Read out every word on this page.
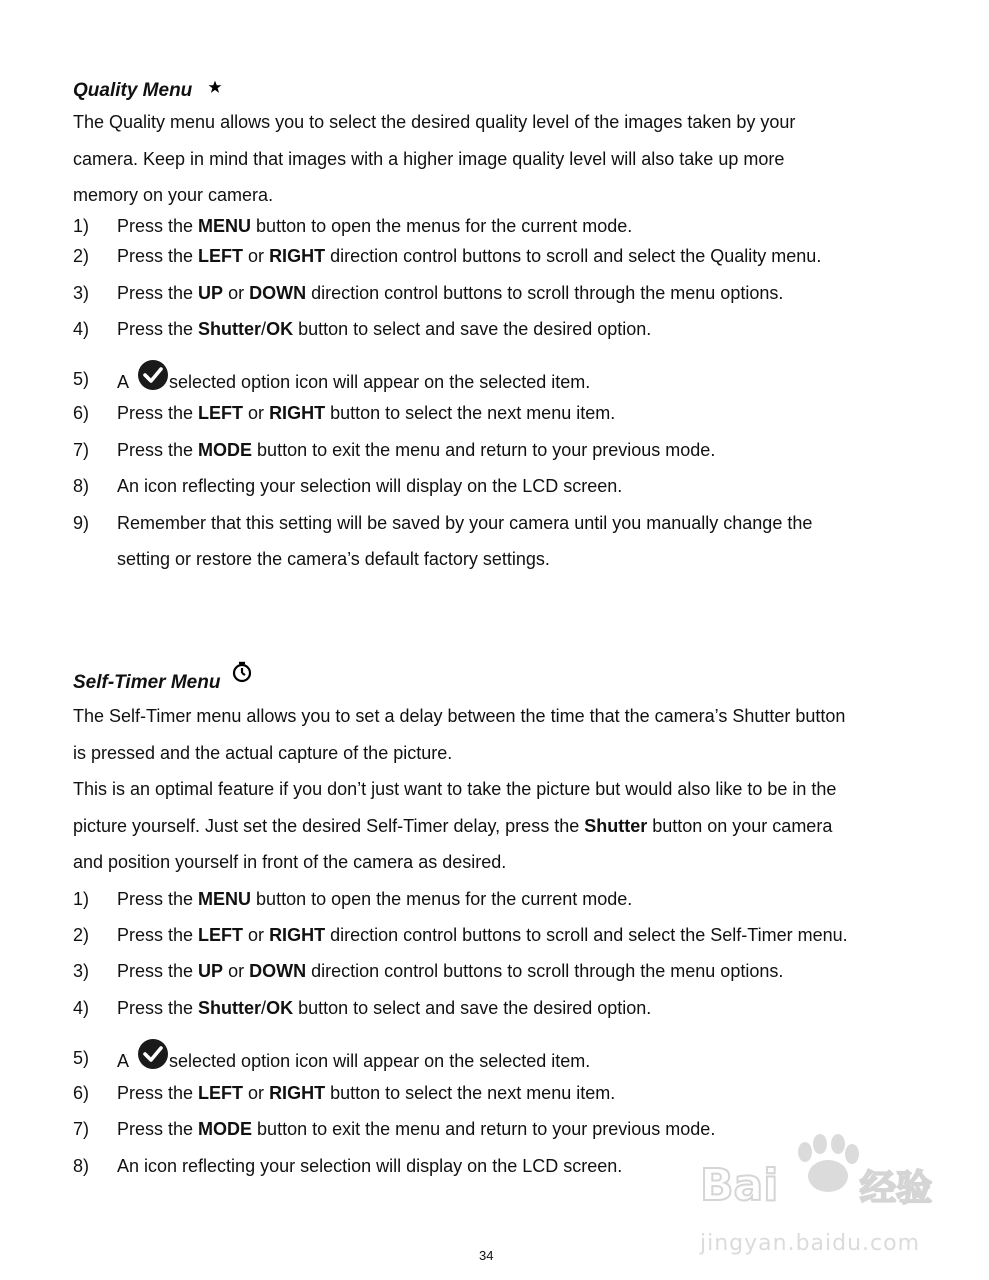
Quality Menu
The Quality menu allows you to select the desired quality level of the images taken by your
camera. Keep in mind that images with a higher image quality level will also take up more
memory on your camera.
1) Press the MENU button to open the menus for the current mode.
2) Press the LEFT or RIGHT direction control buttons to scroll and select the Quality menu.
3) Press the UP or DOWN direction control buttons to scroll through the menu options.
4) Press the Shutter/OK button to select and save the desired option.
5) A selected option icon will appear on the selected item.
6) Press the LEFT or RIGHT button to select the next menu item.
7) Press the MODE button to exit the menu and return to your previous mode.
8) An icon reflecting your selection will display on the LCD screen.
9) Remember that this setting will be saved by your camera until you manually change the
setting or restore the camera’s default factory settings.
Self-Timer Menu
The Self-Timer menu allows you to set a delay between the time that the camera’s Shutter button
is pressed and the actual capture of the picture.
This is an optimal feature if you don’t just want to take the picture but would also like to be in the
picture yourself. Just set the desired Self-Timer delay, press the Shutter button on your camera
and position yourself in front of the camera as desired.
1) Press the MENU button to open the menus for the current mode.
2) Press the LEFT or RIGHT direction control buttons to scroll and select the Self-Timer menu.
3) Press the UP or DOWN direction control buttons to scroll through the menu options.
4) Press the Shutter/OK button to select and save the desired option.
5) A selected option icon will appear on the selected item.
6) Press the LEFT or RIGHT button to select the next menu item.
7) Press the MODE button to exit the menu and return to your previous mode.
8) An icon reflecting your selection will display on the LCD screen.
34
Bai 经验
jingyan.baidu.com
